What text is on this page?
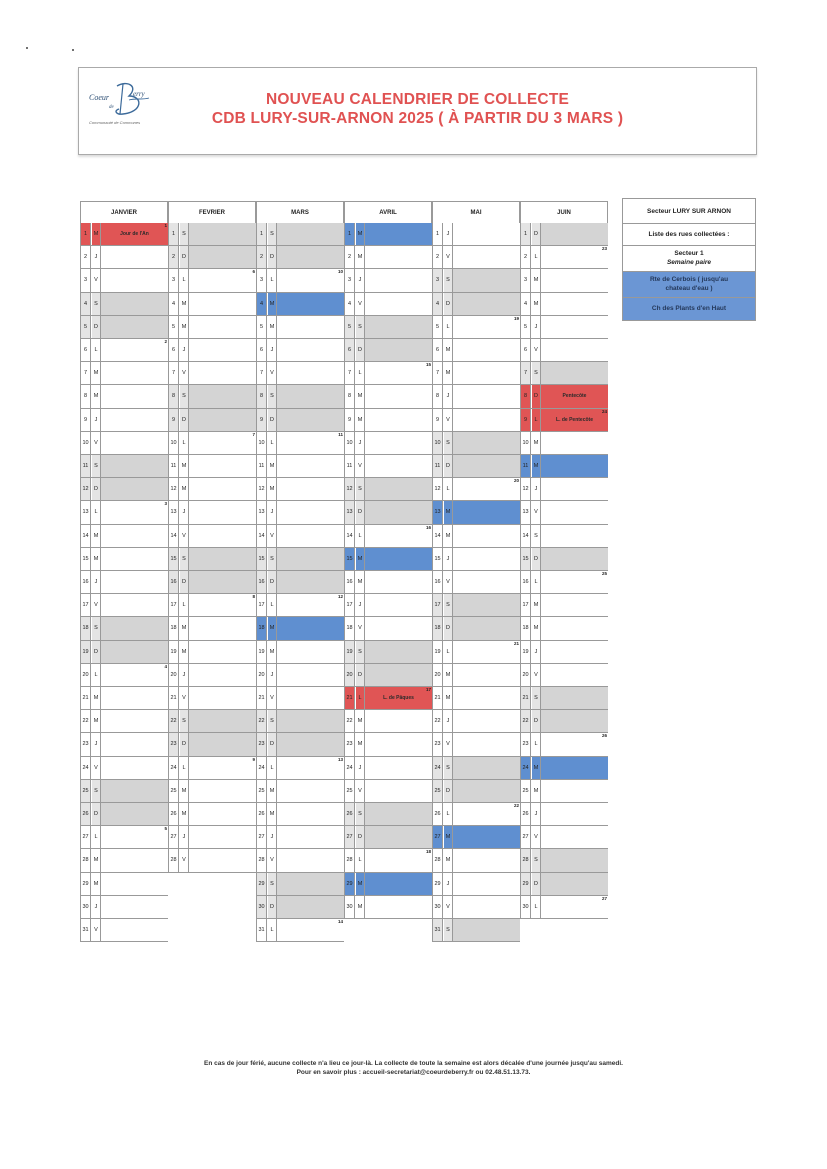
Coeur
de
erry
Communauté de Communes
NOUVEAU CALENDRIER DE COLLECTE
CDB LURY-SUR-ARNON 2025 ( À PARTIR DU 3 MARS )
JANVIER
1	M	Jour de l'An
1
2	J
3	V
4	S
5	D
6	L
2
7	M
8	M
9	J
10	V
11	S
12 D
13	L
3
14 M
15 M
16	J
17	V
18	S
19 D
20	L
4
21 M
22 M
23	J
24	V
25	S
26 D
27	L
5
28 M
29 M
30	J
31	V
FEVRIER
1	S
2	D
3	L
6
4	M
5	M
6	J
7	V
8	S
9	D
10	L
7
11 M
12 M
13	J
14	V
15	S
16 D
17	L
8
18 M
19 M
20	J
21	V
22	S
23 D
24	L
9
25 M
26 M
27	J
28	V
MARS
1	S
2	D
3	L
10
4	M
5	M
6	J
7	V
8	S
9	D
10	L
11
11 M
12 M
13	J
14	V
15	S
16 D
17	L
12
18 M
19 M
20	J
21	V
22	S
23 D
24	L
13
25 M
26 M
27	J
28	V
29	S
30 D
31	L
14
AVRIL
1	M
2	M
3	J
4	V
5	S
6	D
7	L
15
8	M
9	M
10	J
11	V
12	S
13 D
14	L
16
15 M
16 M
17	J
18	V
19	S
20 D
21	L	L. de Pâques
17
22 M
23 M
24	J
25	V
26	S
27 D
28	L
18
29 M
30 M
MAI
1	J
2	V
3	S
4	D
5	L
19
6	M
7	M
8	J
9	V
10	S
11	D
12	L
20
13 M
14 M
15	J
16	V
17	S
18 D
19	L
21
20 M
21 M
22	J
23	V
24	S
25 D
26	L
22
27 M
28 M
29	J
30	V
31	S
JUIN
1	D
2	L
23
3	M
4	M
5	J
6	V
7	S
8	D	Pentecôte
9	L	L. de Pentecôte
24
10 M
11 M
12	J
13	V
14	S
15 D
16	L
25
17 M
18 M
19	J
20	V
21	S
22 D
23	L
26
24 M
25 M
26	J
27	V
28	S
29 D
30	L
27
Secteur LURY SUR ARNON
Liste des rues collectées :
Secteur 1
Semaine paire
Rte de Cerbois ( jusqu'au
chateau d'eau )
Ch des Plants d'en Haut
En cas de jour férié, aucune collecte n'a lieu ce jour-là. La collecte de toute la semaine est alors décalée d'une journée jusqu'au samedi.
Pour en savoir plus : accueil-secretariat@coeurdeberry.fr ou 02.48.51.13.73.
